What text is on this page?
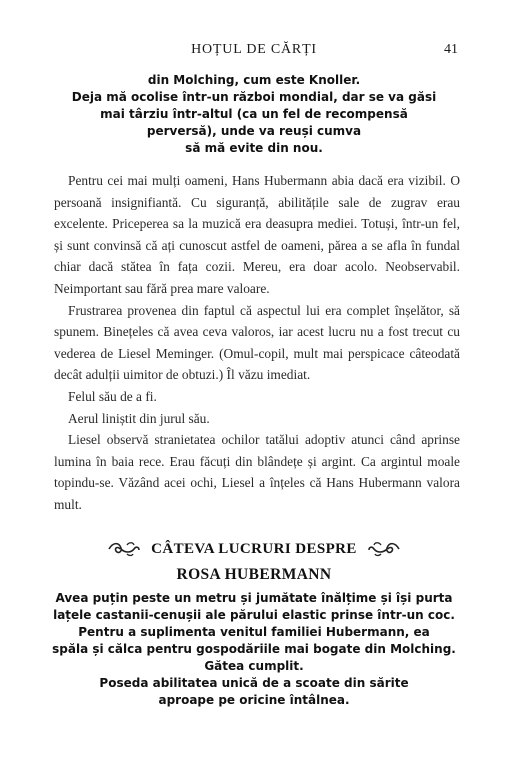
HOȚUL DE CĂRȚI	41
din Molching, cum este Knoller.
Deja mă ocolise într-un război mondial, dar se va găsi
mai târziu într-altul (ca un fel de recompensă
perversă), unde va reuși cumva
să mă evite din nou.

Pentru cei mai mulți oameni, Hans Hubermann abia dacă era vizibil. O persoană insignifiantă. Cu siguranță, abilitățile sale de zugrav erau excelente. Priceperea sa la muzică era deasupra mediei. Totuși, într-un fel, și sunt convinsă că ați cunoscut astfel de oameni, părea a se afla în fundal chiar dacă stătea în fața cozii. Mereu, era doar acolo. Neobservabil. Neimportant sau fără prea mare valoare.

Frustrarea provenea din faptul că aspectul lui era complet înșelător, să spunem. Binețeles că avea ceva valoros, iar acest lucru nu a fost trecut cu vederea de Liesel Meminger. (Omul-copil, mult mai perspicace câteodată decât adulții uimitor de obtuzi.) Îl văzu imediat.

Felul său de a fi.

Aerul liniștit din jurul său.

Liesel observă stranietatea ochilor tatălui adoptiv atunci când aprinse lumina în baia rece. Erau făcuți din blândețe și argint. Ca argintul moale topindu-se. Văzând acei ochi, Liesel a înțeles că Hans Hubermann valora mult.

CÂTEVA LUCRURI DESPRE
ROSA HUBERMANN
Avea puțin peste un metru și jumătate înălțime și își purta
lațele castanii-cenușii ale părului elastic prinse într-un coc.
Pentru a suplimenta venitul familiei Hubermann, ea
spăla și călca pentru gospodăriile mai bogate din Molching.
Gătea cumplit.
Poseda abilitatea unică de a scoate din sărite
aproape pe oricine întâlnea.
